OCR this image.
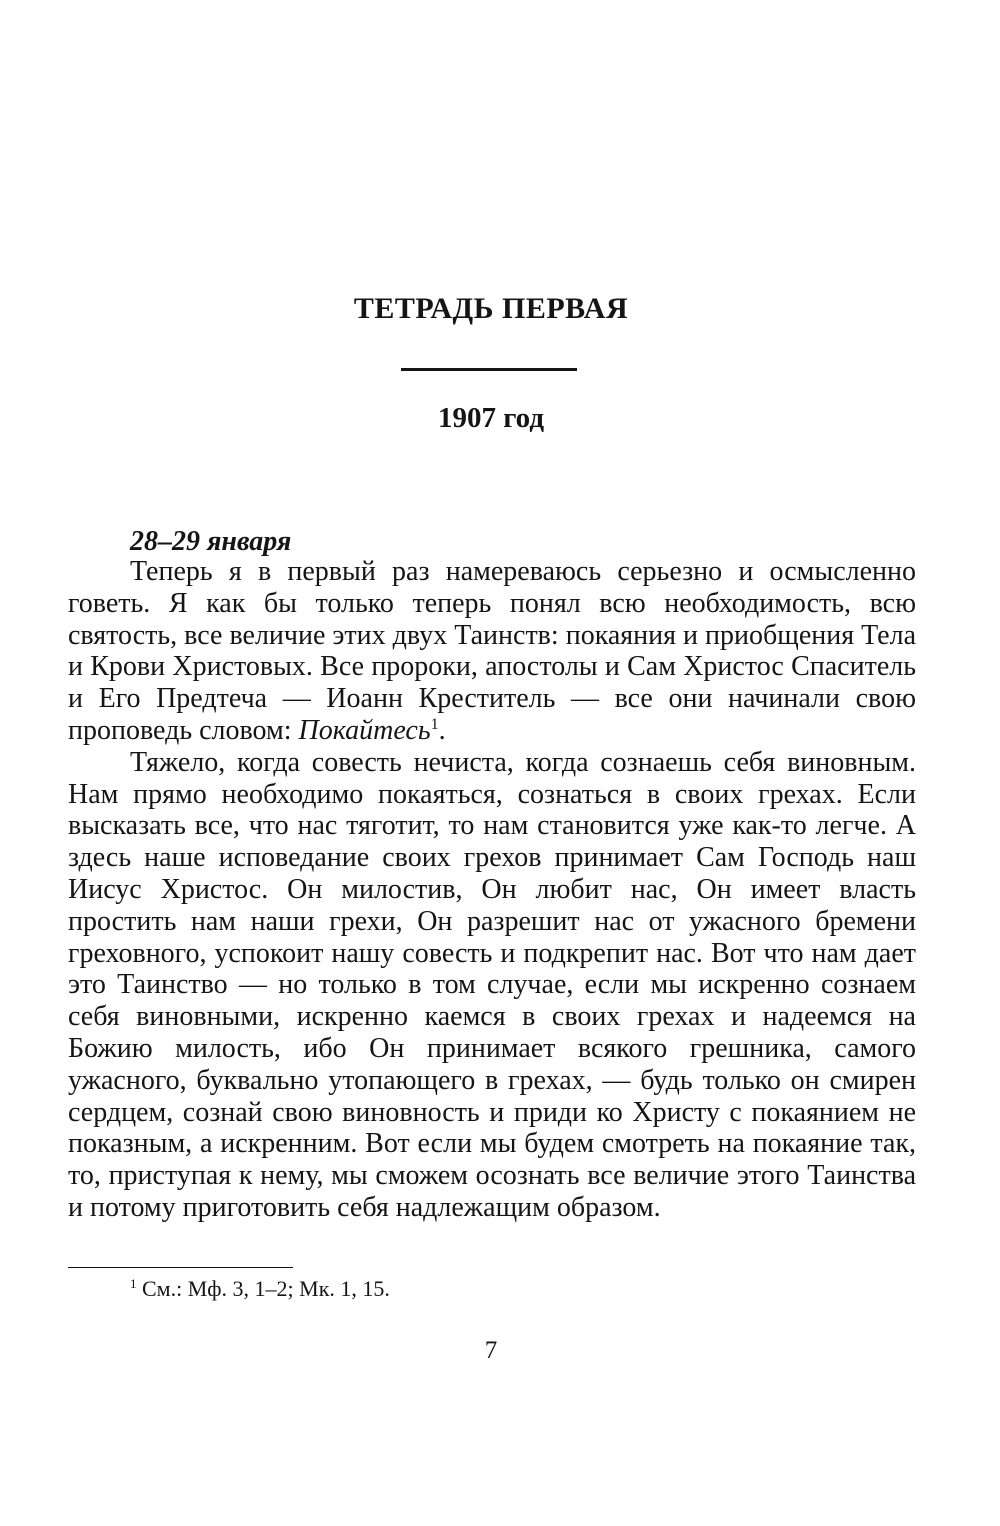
ТЕТРАДЬ ПЕРВАЯ
1907 год
28–29 января

Теперь я в первый раз намереваюсь серьезно и осмысленно говеть. Я как бы только теперь понял всю необходимость, всю святость, все величие этих двух Таинств: покаяния и приобщения Тела и Крови Христовых. Все пророки, апостолы и Сам Христос Спаситель и Его Предтеча — Иоанн Креститель — все они начинали свою проповедь словом: Покайтесь$^1$.

Тяжело, когда совесть нечиста, когда сознаешь себя виновным. Нам прямо необходимо покаяться, сознаться в своих грехах. Если высказать все, что нас тяготит, то нам становится уже как-то легче. А здесь наше исповедание своих грехов принимает Сам Господь наш Иисус Христос. Он милостив, Он любит нас, Он имеет власть простить нам наши грехи, Он разрешит нас от ужасного бремени греховного, успокоит нашу совесть и подкрепит нас. Вот что нам дает это Таинство — но только в том случае, если мы искренно сознаем себя виновными, искренно каемся в своих грехах и надеемся на Божию милость, ибо Он принимает всякого грешника, самого ужасного, буквально утопающего в грехах, — будь только он смирен сердцем, сознай свою виновность и приди ко Христу с покаянием не показным, а искренним. Вот если мы будем смотреть на покаяние так, то, приступая к нему, мы сможем осознать все величие этого Таинства и потому приготовить себя надлежащим образом.

$^1$ См.: Мф. 3, 1–2; Мк. 1, 15.
7
